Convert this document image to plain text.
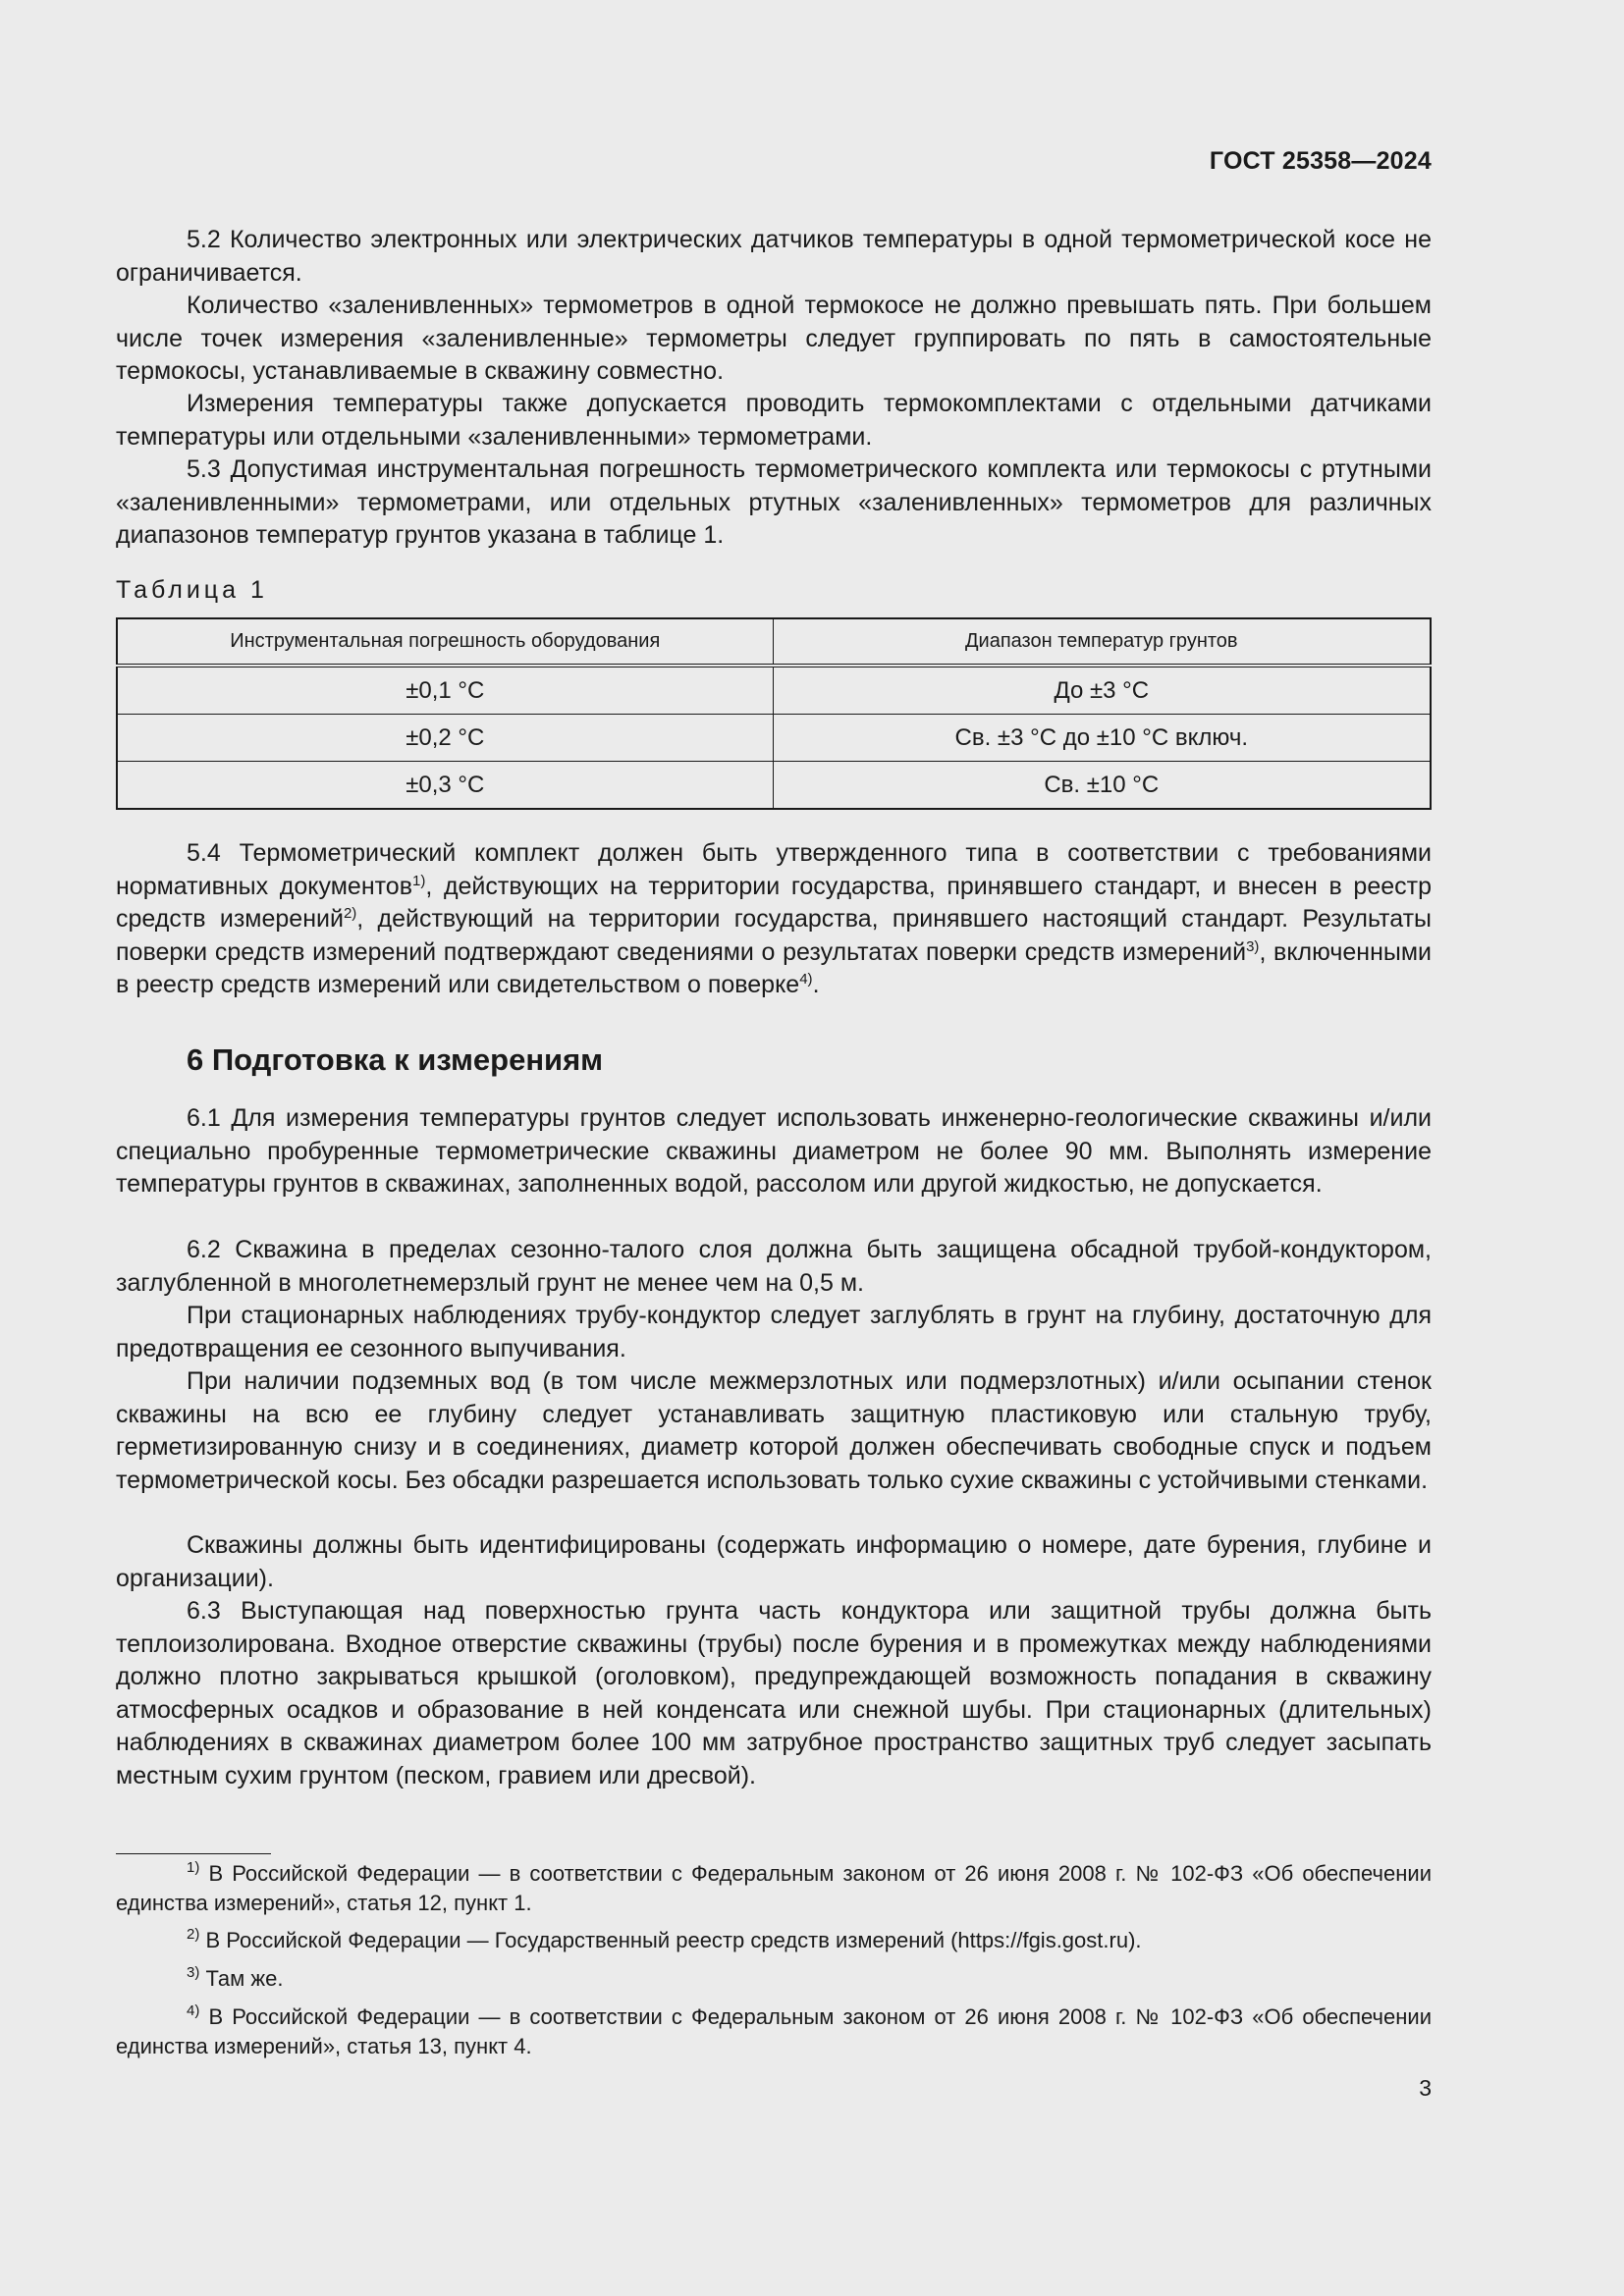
ГОСТ 25358—2024
5.2 Количество электронных или электрических датчиков температуры в одной термометрической косе не ограничивается.
Количество «заленивленных» термометров в одной термокосе не должно превышать пять. При большем числе точек измерения «заленивленные» термометры следует группировать по пять в самостоятельные термокосы, устанавливаемые в скважину совместно.
Измерения температуры также допускается проводить термокомплектами с отдельными датчиками температуры или отдельными «заленивленными» термометрами.
5.3 Допустимая инструментальная погрешность термометрического комплекта или термокосы с ртутными «заленивленными» термометрами, или отдельных ртутных «заленивленных» термометров для различных диапазонов температур грунтов указана в таблице 1.
Таблица 1
Инструментальная погрешность оборудования	Диапазон температур грунтов
±0,1 °С	До ±3 °С
±0,2 °С	Св. ±3 °С до ±10 °С включ.
±0,3 °С	Св. ±10 °С
5.4 Термометрический комплект должен быть утвержденного типа в соответствии с требованиями нормативных документов$^{1)}$, действующих на территории государства, принявшего стандарт, и внесен в реестр средств измерений$^{2)}$, действующий на территории государства, принявшего настоящий стандарт. Результаты поверки средств измерений подтверждают сведениями о результатах поверки средств измерений$^{3)}$, включенными в реестр средств измерений или свидетельством о поверке$^{4)}$.
6 Подготовка к измерениям
6.1 Для измерения температуры грунтов следует использовать инженерно-геологические скважины и/или специально пробуренные термометрические скважины диаметром не более 90 мм. Выполнять измерение температуры грунтов в скважинах, заполненных водой, рассолом или другой жидкостью, не допускается.
6.2 Скважина в пределах сезонно-талого слоя должна быть защищена обсадной трубой-кондуктором, заглубленной в многолетнемерзлый грунт не менее чем на 0,5 м.
При стационарных наблюдениях трубу-кондуктор следует заглублять в грунт на глубину, достаточную для предотвращения ее сезонного выпучивания.
При наличии подземных вод (в том числе межмерзлотных или подмерзлотных) и/или осыпании стенок скважины на всю ее глубину следует устанавливать защитную пластиковую или стальную трубу, герметизированную снизу и в соединениях, диаметр которой должен обеспечивать свободные спуск и подъем термометрической косы. Без обсадки разрешается использовать только сухие скважины с устойчивыми стенками.
Скважины должны быть идентифицированы (содержать информацию о номере, дате бурения, глубине и организации).
6.3 Выступающая над поверхностью грунта часть кондуктора или защитной трубы должна быть теплоизолирована. Входное отверстие скважины (трубы) после бурения и в промежутках между наблюдениями должно плотно закрываться крышкой (оголовком), предупреждающей возможность попадания в скважину атмосферных осадков и образование в ней конденсата или снежной шубы. При стационарных (длительных) наблюдениях в скважинах диаметром более 100 мм затрубное пространство защитных труб следует засыпать местным сухим грунтом (песком, гравием или дресвой).
$^{1)}$ В Российской Федерации — в соответствии с Федеральным законом от 26 июня 2008 г. № 102-ФЗ «Об обеспечении единства измерений», статья 12, пункт 1.
$^{2)}$ В Российской Федерации — Государственный реестр средств измерений (https://fgis.gost.ru).
$^{3)}$ Там же.
$^{4)}$ В Российской Федерации — в соответствии с Федеральным законом от 26 июня 2008 г. № 102-ФЗ «Об обеспечении единства измерений», статья 13, пункт 4.
3
